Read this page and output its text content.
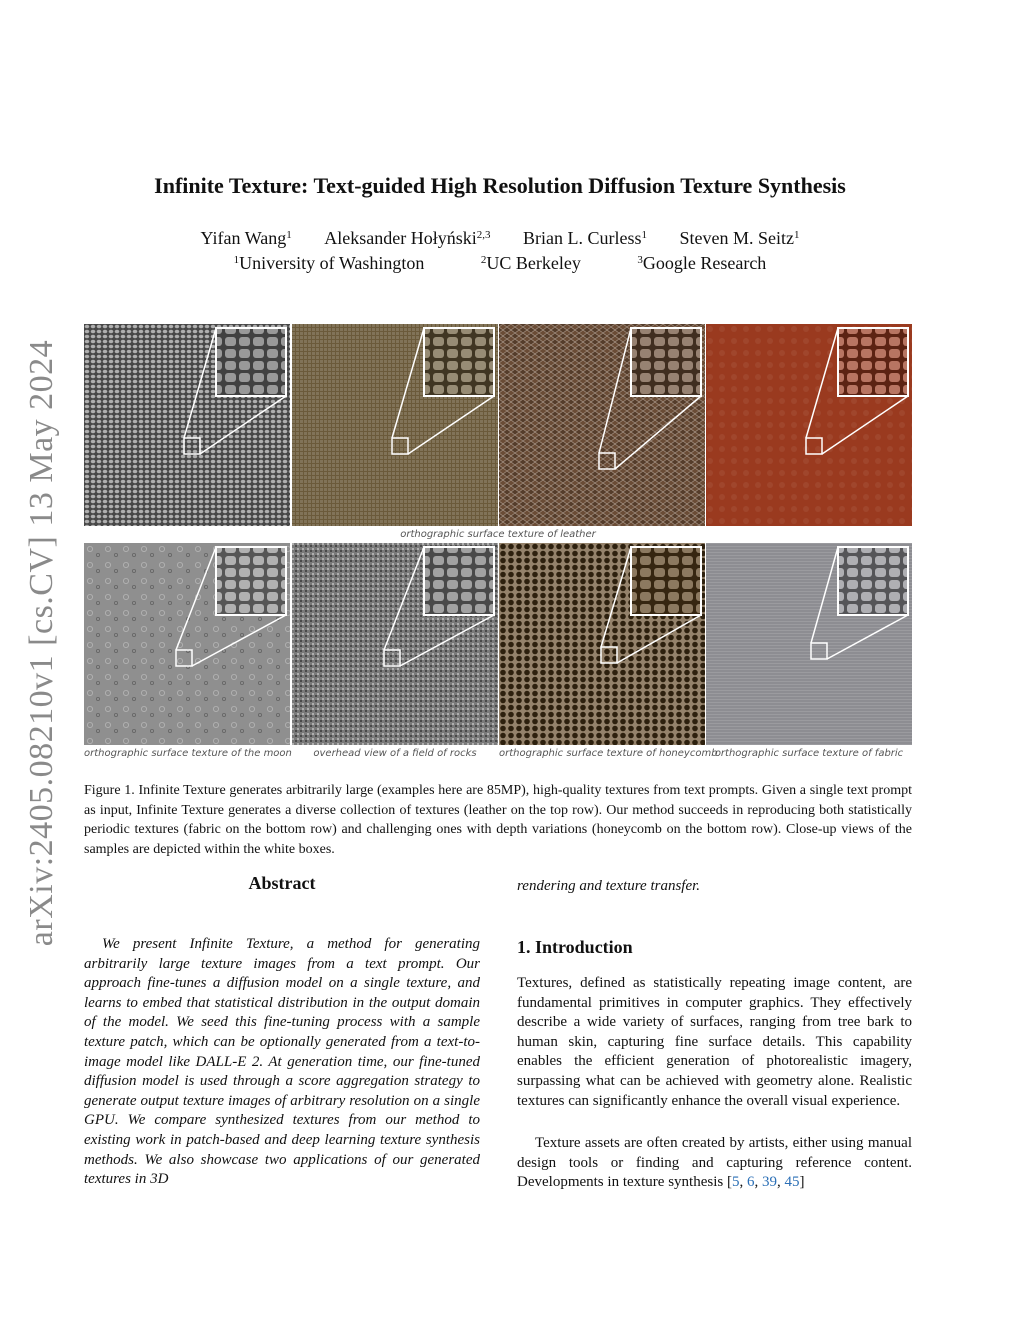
arXiv:2405.08210v1 [cs.CV] 13 May 2024
Infinite Texture: Text-guided High Resolution Diffusion Texture Synthesis
Yifan Wang$^1$ Aleksander Hołyński$^{2,3}$ Brian L. Curless$^1$ Steven M. Seitz$^1$
$^1$University of Washington	$^2$UC Berkeley	$^3$Google Research
orthographic surface texture of leather
orthographic surface texture of the moon	overhead view of a field of rocks	orthographic surface texture of honeycomb
orthographic surface texture of fabric
Figure 1. Infinite Texture generates arbitrarily large (examples here are 85MP), high-quality textures from text prompts. Given a single text prompt as input, Infinite Texture generates a diverse collection of textures (leather on the top row). Our method succeeds in reproducing both statistically periodic textures (fabric on the bottom row) and challenging ones with depth variations (honeycomb on the bottom row). Close-up views of the samples are depicted within the white boxes.
Abstract
We present Infinite Texture, a method for generating arbitrarily large texture images from a text prompt. Our approach fine-tunes a diffusion model on a single texture, and learns to embed that statistical distribution in the output domain of the model. We seed this fine-tuning process with a sample texture patch, which can be optionally generated from a text-to-image model like DALL-E 2. At generation time, our fine-tuned diffusion model is used through a score aggregation strategy to generate output texture images of arbitrary resolution on a single GPU. We compare synthesized textures from our method to existing work in patch-based and deep learning texture synthesis methods. We also showcase two applications of our generated textures in 3D
rendering and texture transfer.
1. Introduction

Textures, defined as statistically repeating image content, are fundamental primitives in computer graphics. They effectively describe a wide variety of surfaces, ranging from tree bark to human skin, capturing fine surface details. This capability enables the efficient generation of photorealistic imagery, surpassing what can be achieved with geometry alone. Realistic textures can significantly enhance the overall visual experience.

Texture assets are often created by artists, either using manual design tools or finding and capturing reference content. Developments in texture synthesis [5, 6, 39, 45]
